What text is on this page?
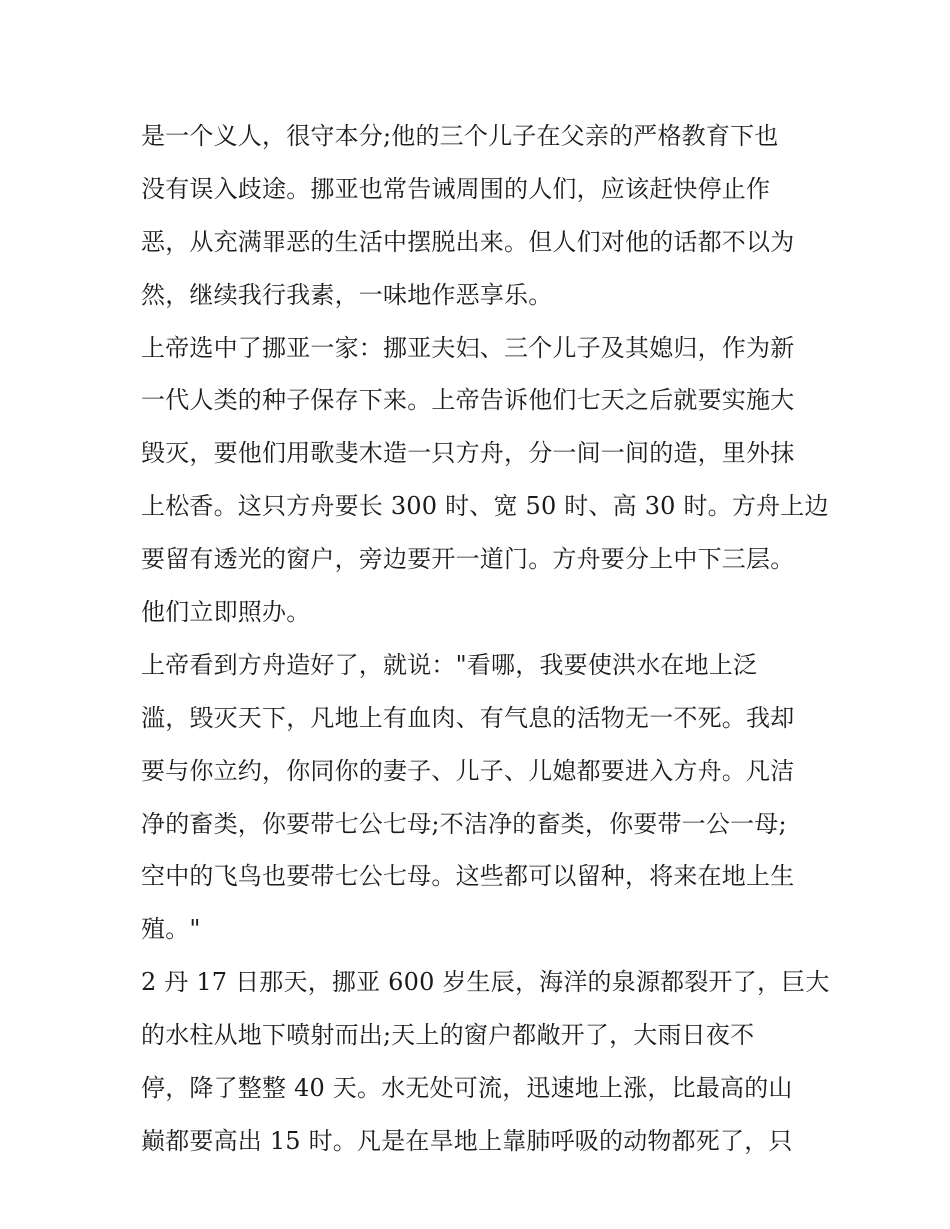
是一个义人，很守本分;他的三个儿子在父亲的严格教育下也
没有误入歧途。挪亚也常告诫周围的人们，应该赶快停止作
恶，从充满罪恶的生活中摆脱出来。但人们对他的话都不以为
然，继续我行我素，一味地作恶享乐。
上帝选中了挪亚一家：挪亚夫妇、三个儿子及其媳归，作为新
一代人类的种子保存下来。上帝告诉他们七天之后就要实施大
毁灭，要他们用歌斐木造一只方舟，分一间一间的造，里外抹
上松香。这只方舟要长 300 时、宽 50 时、高 30 时。方舟上边
要留有透光的窗户，旁边要开一道门。方舟要分上中下三层。
他们立即照办。
上帝看到方舟造好了，就说："看哪，我要使洪水在地上泛
滥，毁灭天下，凡地上有血肉、有气息的活物无一不死。我却
要与你立约，你同你的妻子、儿子、儿媳都要进入方舟。凡洁
净的畜类，你要带七公七母;不洁净的畜类，你要带一公一母;
空中的飞鸟也要带七公七母。这些都可以留种，将来在地上生
殖。"
2 丹 17 日那天，挪亚 600 岁生辰，海洋的泉源都裂开了，巨大
的水柱从地下喷射而出;天上的窗户都敞开了，大雨日夜不
停，降了整整 40 天。水无处可流，迅速地上涨，比最高的山
巅都要高出 15 时。凡是在旱地上靠肺呼吸的动物都死了，只
